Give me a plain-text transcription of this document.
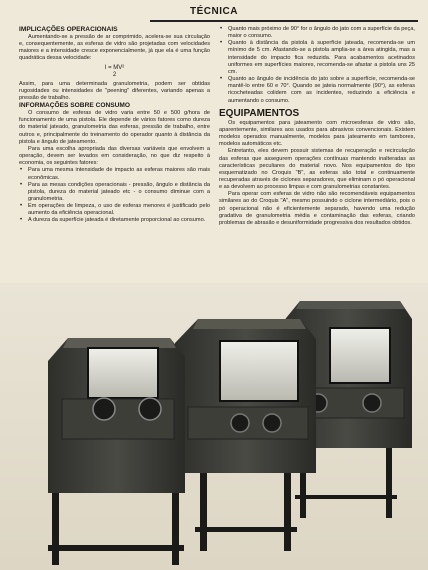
TÉCNICA
IMPLICAÇÕES OPERACIONAIS

Aumentando-se a pressão de ar comprimido, acelera-se sua circulação e, consequentemente, as esferas de vidro são projetadas com velocidades maiores e a intensidade cresce exponencialmente, já que ela é uma função quadrática dessa velocidade:

I = MV²
2

Assim, para uma determinada granulometria, podem ser obtidas rugosidades ou intensidades de "peening" diferentes, variando apenas a pressão de trabalho.

INFORMAÇÕES SOBRE CONSUMO

O consumo de esferas de vidro varia entre 50 e 500 g/hora de funcionamento de uma pistola. Ele depende de vários fatores como dureza do material jateado, granulometria das esferas, pressão de trabalho, entre outros e, principalmente do treinamento do operador quanto à distância da pistola e ângulo de jateamento.

Para uma escolha apropriada das diversas variáveis que envolvem a operação, devem ser levados em consideração, no que diz respeito à economia, os seguintes fatores:

• Para uma mesma intensidade de impacto as esferas maiores são mais econômicas.
• Para as mesas condições operacionais - pressão, ângulo e distância da pistola, dureza do material jateado etc - o consumo diminue com a granulometria.
• Em operações de limpeza, o uso de esferas menores é justificado pelo aumento da eficiência operacional.
• A dureza da superfície jateada é diretamente proporcional ao consumo.
• Quanto mais próximo de 90° for o ângulo do jato com a superfície da peça, maior o consumo.
• Quanto à distância da pistola à superfície jateada, recomenda-se um mínimo de 5 cm. Afastando-se a pistola amplia-se a área atingida, mas a intensidade do impacto fica reduzida. Para acabamentos acetinados uniformes em superfícies maiores, recomenda-se afastar a pistola uns 25 cm.
• Quanto ao ângulo de incidência do jato sobre a superfície, recomenda-se mantê-lo entre 60 e 70°. Quando se jateia normalmente (90°), as esferas ricocheteadas colidem com as incidentes, reduzindo a eficiência e aumentando o consumo.
EQUIPAMENTOS

Os equipamentos para jateamento com microesferas de vidro são, aparentemente, similares aos usados para abrasivos convencionais. Existem modelos operados manualmente, modelos para jateamento em tambores, modelos automáticos etc.

Entretanto, eles devem possuir sistemas de recuperação e recirculação das esferas que assegurem operações contínuas mantendo inalteradas as características peculiares do material novo. Nos equipamentos do tipo esquematizado no Croquis "B", as esferas são total e continuamente recuperadas através de ciclones separadores, que eliminam o pó operacional e as devolvem ao processo limpas e com granulometrias constantes.

Para operar com esferas de vidro não são recomendáveis equipamentos similares ao do Croquis "A", mesmo possuindo o ciclone intermediário, pois o pó operacional não é eficientemente separado, havendo uma redução gradativa de granulometria média e contaminação das esferas, criando problemas de abrasão e desuniformidade progressiva dos resultados obtidos.
